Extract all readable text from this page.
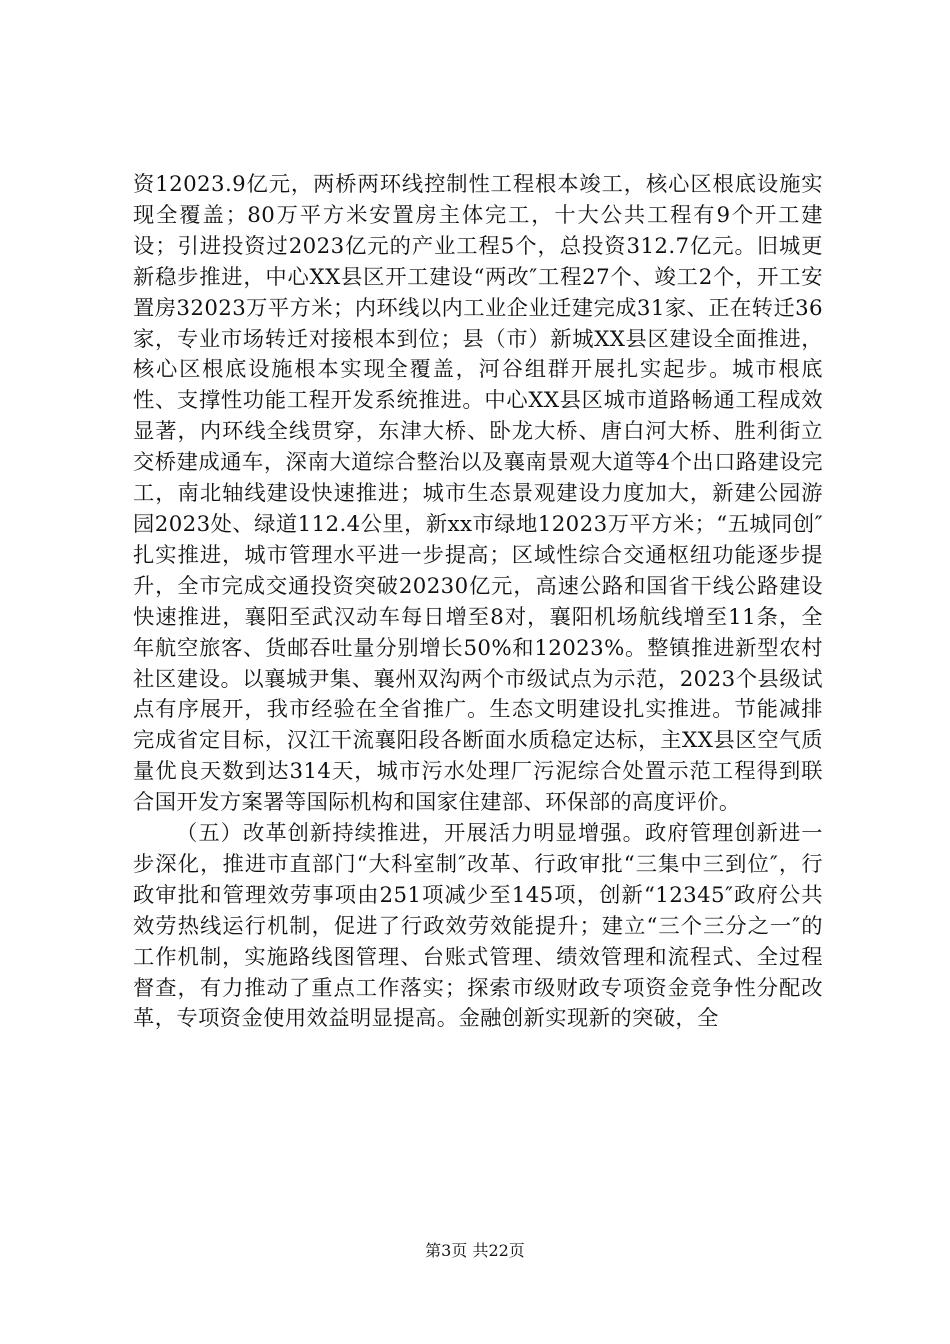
资12023.9亿元，两桥两环线控制性工程根本竣工，核心区根底设施实现全覆盖；80万平方米安置房主体完工，十大公共工程有9个开工建设；引进投资过2023亿元的产业工程5个，总投资312.7亿元。旧城更新稳步推进，中心XX县区开工建设“两改″工程27个、竣工2个，开工安置房32023万平方米；内环线以内工业企业迁建完成31家、正在转迁36家，专业市场转迁对接根本到位；县（市）新城XX县区建设全面推进，核心区根底设施根本实现全覆盖，河谷组群开展扎实起步。城市根底性、支撑性功能工程开发系统推进。中心XX县区城市道路畅通工程成效显著，内环线全线贯穿，东津大桥、卧龙大桥、唐白河大桥、胜利街立交桥建成通车，深南大道综合整治以及襄南景观大道等4个出口路建设完工，南北轴线建设快速推进；城市生态景观建设力度加大，新建公园游园2023处、绿道112.4公里，新xx市绿地12023万平方米；“五城同创″扎实推进，城市管理水平进一步提高；区域性综合交通枢纽功能逐步提升，全市完成交通投资突破20230亿元，高速公路和国省干线公路建设快速推进，襄阳至武汉动车每日增至8对，襄阳机场航线增至11条，全年航空旅客、货邮吞吐量分别增长50%和12023%。整镇推进新型农村社区建设。以襄城尹集、襄州双沟两个市级试点为示范，2023个县级试点有序展开，我市经验在全省推广。生态文明建设扎实推进。节能减排完成省定目标，汉江干流襄阳段各断面水质稳定达标，主XX县区空气质量优良天数到达314天，城市污水处理厂污泥综合处置示范工程得到联合国开发方案署等国际机构和国家住建部、环保部的高度评价。

（五）改革创新持续推进，开展活力明显增强。政府管理创新进一步深化，推进市直部门“大科室制″改革、行政审批“三集中三到位″，行政审批和管理效劳事项由251项减少至145项，创新“12345″政府公共效劳热线运行机制，促进了行政效劳效能提升；建立“三个三分之一″的工作机制，实施路线图管理、台账式管理、绩效管理和流程式、全过程督查，有力推动了重点工作落实；探索市级财政专项资金竞争性分配改革，专项资金使用效益明显提高。金融创新实现新的突破，全

第3页 共22页
